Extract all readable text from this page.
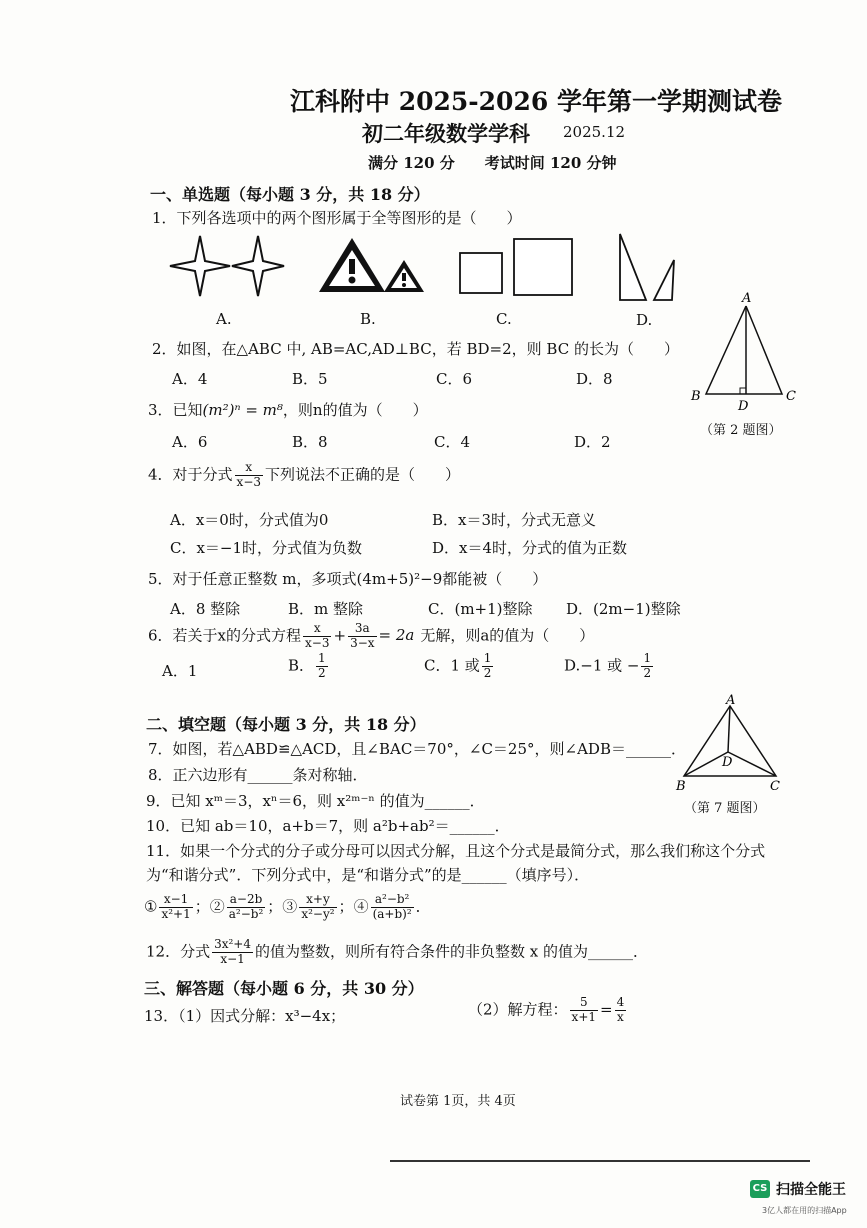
江科附中 2025-2026 学年第一学期测试卷
初二年级数学学科 2025.12
满分 120 分　　考试时间 120 分钟
一、单选题（每小题 3 分，共 18 分）
1．下列各选项中的两个图形属于全等图形的是（　　）
A.	B.	C.	D.
A
B
D
C
（第 2 题图）
2．如图，在△ABC 中, AB=AC,AD⊥BC，若 BD=2，则 BC 的长为（　　）
A．4	B．5	C．6	D．8
3．已知(m²)ⁿ = m⁸，则n的值为（　　）
A．6	B．8	C．4	D．2
4．对于分式 $\frac{x}{x-3}$ 下列说法不正确的是（　　）
A．x＝0时，分式值为0	B．x＝3时，分式无意义
C．x＝−1时，分式值为负数	D．x＝4时，分式的值为正数
5．对于任意正整数 m，多项式(4m+5)²−9都能被（　　）
A．8 整除	B．m 整除	C．(m+1)整除 D．(2m−1)整除
6．若关于x的分式方程 $\frac{x}{x-3} + \frac{3a}{3-x} = 2a$ 无解，则a的值为（　　）
A．1	B． $\frac{1}{2}$	C．1 或 $\frac{1}{2}$	D.−1 或 − $\frac{1}{2}$
二、填空题（每小题 3 分，共 18 分）
A
D
B	C
（第 7 题图）
7．如图，若△ABD≌△ACD，且∠BAC＝70°，∠C＝25°，则∠ADB＝______．
8．正六边形有______条对称轴．
9．已知 xᵐ＝3，xⁿ＝6，则 x²ᵐ⁻ⁿ 的值为______．
10．已知 ab＝10，a+b＝7，则 a²b+ab²＝______．
11．如果一个分式的分子或分母可以因式分解，且这个分式是最简分式，那么我们称这个分式
为“和谐分式”．下列分式中，是“和谐分式”的是______（填序号）．
① $\frac{x-1}{\text{x²+1}}$ ；② $\frac{a-2b}{\text{a²−b²}}$ ；③ $\frac{x+y}{\text{x²−y²}}$ ；④ $\frac{\text{a²−b²}}{\text{(a+b)²}}$ ．
12．分式 $\frac{\text{3x²+4}}{x-1}$ 的值为整数，则所有符合条件的非负整数 x 的值为______．
三、解答题（每小题 6 分，共 30 分）
13．（1）因式分解：x³−4x；	（2）解方程： $\frac{5}{x+1} = \frac{4}{x}$
试卷第 1页，共 4页
CS 扫描全能王
3亿人都在用的扫描App
